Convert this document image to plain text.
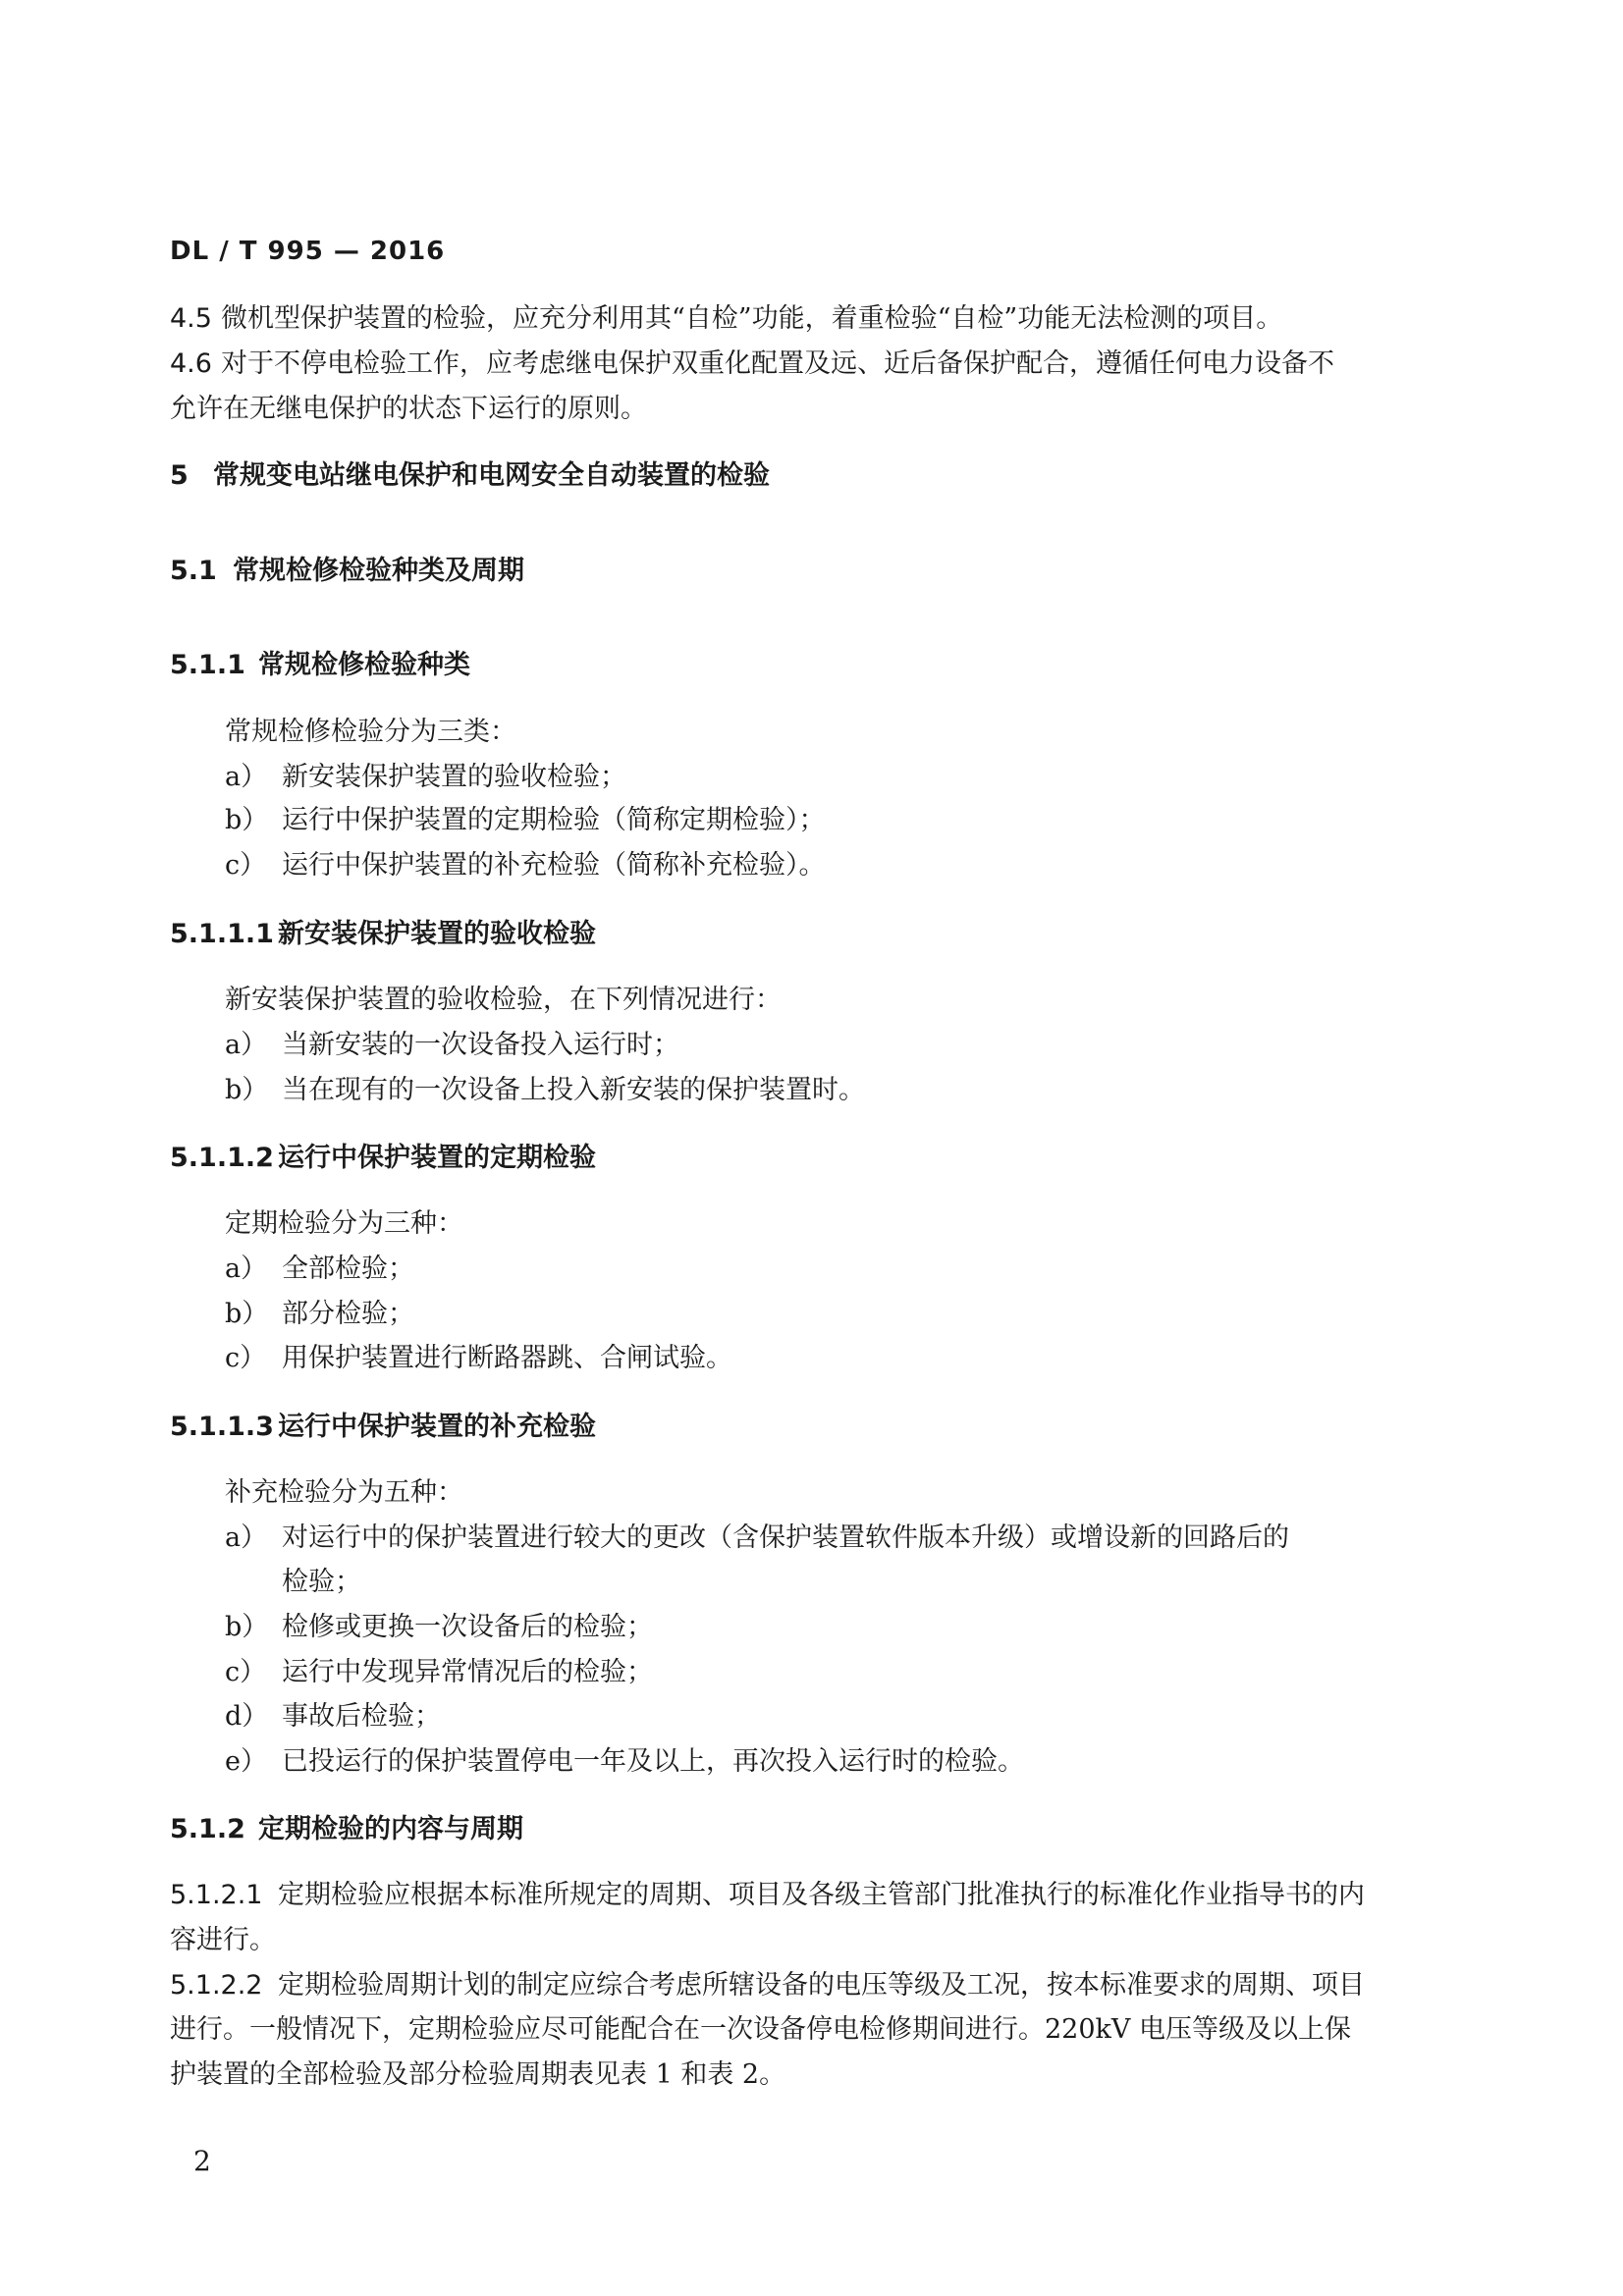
DL / T 995 — 2016
4.5 微机型保护装置的检验，应充分利用其“自检”功能，着重检验“自检”功能无法检测的项目。
4.6 对于不停电检验工作，应考虑继电保护双重化配置及远、近后备保护配合，遵循任何电力设备不
允许在无继电保护的状态下运行的原则。
5 常规变电站继电保护和电网安全自动装置的检验
5.1 常规检修检验种类及周期
5.1.1 常规检修检验种类
常规检修检验分为三类：
a） 新安装保护装置的验收检验；
b） 运行中保护装置的定期检验（简称定期检验）；
c） 运行中保护装置的补充检验（简称补充检验）。
5.1.1.1 新安装保护装置的验收检验
新安装保护装置的验收检验，在下列情况进行：
a） 当新安装的一次设备投入运行时；
b） 当在现有的一次设备上投入新安装的保护装置时。
5.1.1.2 运行中保护装置的定期检验
定期检验分为三种：
a） 全部检验；
b） 部分检验；
c） 用保护装置进行断路器跳、合闸试验。
5.1.1.3 运行中保护装置的补充检验
补充检验分为五种：
a） 对运行中的保护装置进行较大的更改（含保护装置软件版本升级）或增设新的回路后的
检验；
b） 检修或更换一次设备后的检验；
c） 运行中发现异常情况后的检验；
d） 事故后检验；
e） 已投运行的保护装置停电一年及以上，再次投入运行时的检验。
5.1.2 定期检验的内容与周期
5.1.2.1 定期检验应根据本标准所规定的周期、项目及各级主管部门批准执行的标准化作业指导书的内
容进行。
5.1.2.2 定期检验周期计划的制定应综合考虑所辖设备的电压等级及工况，按本标准要求的周期、项目
进行。一般情况下，定期检验应尽可能配合在一次设备停电检修期间进行。220kV 电压等级及以上保
护装置的全部检验及部分检验周期表见表 1 和表 2。
2
